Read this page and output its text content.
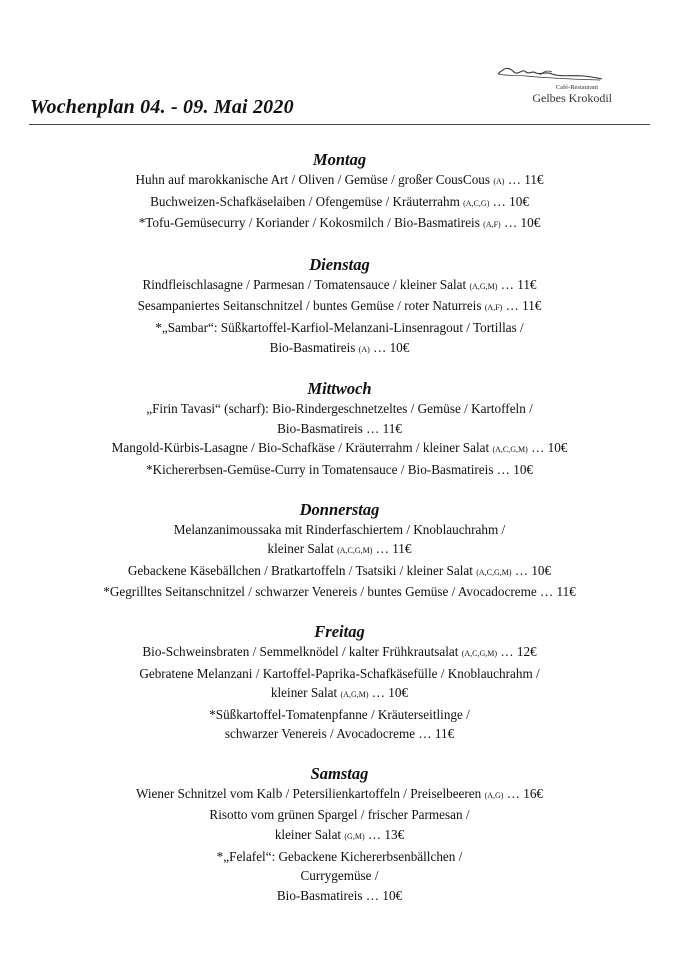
Wochenplan 04. - 09. Mai 2020
Café-Restaurant
Gelbes Krokodil
Montag
Huhn auf marokkanische Art / Oliven / Gemüse / großer CousCous (A) … 11€
Buchweizen-Schafkäselaiben / Ofengemüse / Kräuterrahm (A,C,G) … 10€
*Tofu-Gemüsecurry / Koriander / Kokosmilch / Bio-Basmatireis (A,F) … 10€
Dienstag
Rindfleischlasagne / Parmesan / Tomatensauce / kleiner Salat (A,G,M) … 11€
Sesampaniertes Seitanschnitzel / buntes Gemüse / roter Naturreis (A,F) … 11€
*„Sambar“: Süßkartoffel-Karfiol-Melanzani-Linsenragout / Tortillas /
Bio-Basmatireis (A) … 10€
Mittwoch
„Firin Tavasi“ (scharf): Bio-Rindergeschnetzeltes / Gemüse / Kartoffeln /
Bio-Basmatireis … 11€
Mangold-Kürbis-Lasagne / Bio-Schafkäse / Kräuterrahm / kleiner Salat (A,C,G,M) … 10€
*Kichererbsen-Gemüse-Curry in Tomatensauce / Bio-Basmatireis … 10€
Donnerstag
Melanzanimoussaka mit Rinderfaschiertem / Knoblauchrahm /
kleiner Salat (A,C,G,M) … 11€
Gebackene Käsebällchen / Bratkartoffeln / Tsatsiki / kleiner Salat (A,C,G,M) … 10€
*Gegrilltes Seitanschnitzel / schwarzer Venereis / buntes Gemüse / Avocadocreme … 11€
Freitag
Bio-Schweinsbraten / Semmelknödel / kalter Frühkrautsalat (A,C,G,M) … 12€
Gebratene Melanzani / Kartoffel-Paprika-Schafkäsefülle / Knoblauchrahm /
kleiner Salat (A,G,M) … 10€
*Süßkartoffel-Tomatenpfanne / Kräuterseitlinge /
schwarzer Venereis / Avocadocreme … 11€
Samstag
Wiener Schnitzel vom Kalb / Petersilienkartoffeln / Preiselbeeren (A,G) … 16€
Risotto vom grünen Spargel / frischer Parmesan /
kleiner Salat (G,M) … 13€
*„Felafel“: Gebackene Kichererbsenbällchen /
Currygemüse /
Bio-Basmatireis … 10€
